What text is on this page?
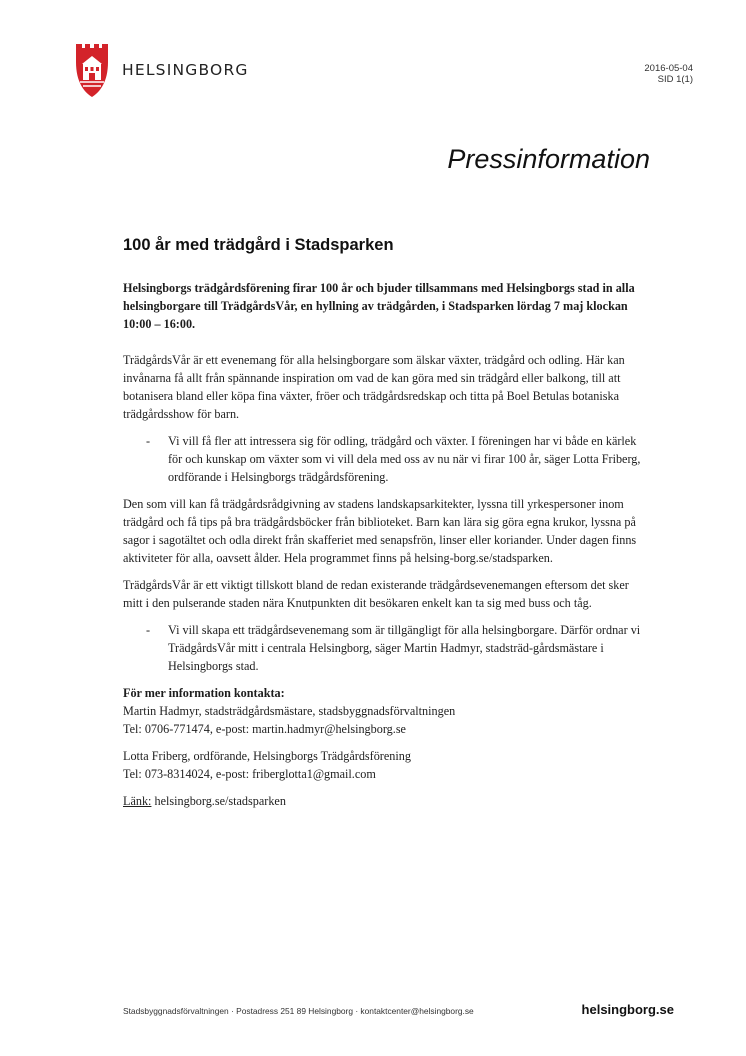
HELSINGBORG	2016-05-04
SID 1(1)
Pressinformation
100 år med trädgård i Stadsparken

Helsingborgs trädgårdsförening firar 100 år och bjuder tillsammans med Helsingborgs stad in alla helsingborgare till TrädgårdsVår, en hyllning av trädgården, i Stadsparken lördag 7 maj klockan 10:00 – 16:00.

TrädgårdsVår är ett evenemang för alla helsingborgare som älskar växter, trädgård och odling. Här kan invånarna få allt från spännande inspiration om vad de kan göra med sin trädgård eller balkong, till att botanisera bland eller köpa fina växter, fröer och trädgårdsredskap och titta på Boel Betulas botaniska trädgårdsshow för barn.

- Vi vill få fler att intressera sig för odling, trädgård och växter. I föreningen har vi både en kärlek för och kunskap om växter som vi vill dela med oss av nu när vi firar 100 år, säger Lotta Friberg, ordförande i Helsingborgs trädgårdsförening.

Den som vill kan få trädgårdsrådgivning av stadens landskapsarkitekter, lyssna till yrkespersoner inom trädgård och få tips på bra trädgårdsböcker från biblioteket. Barn kan lära sig göra egna krukor, lyssna på sagor i sagotältet och odla direkt från skafferiet med senapsfrön, linser eller koriander. Under dagen finns aktiviteter för alla, oavsett ålder. Hela programmet finns på helsing-borg.se/stadsparken.

TrädgårdsVår är ett viktigt tillskott bland de redan existerande trädgårdsevenemangen eftersom det sker mitt i den pulserande staden nära Knutpunkten dit besökaren enkelt kan ta sig med buss och tåg.

- Vi vill skapa ett trädgårdsevenemang som är tillgängligt för alla helsingborgare. Därför ordnar vi TrädgårdsVår mitt i centrala Helsingborg, säger Martin Hadmyr, stadsträd-gårdsmästare i Helsingborgs stad.

För mer information kontakta:
Martin Hadmyr, stadsträdgårdsmästare, stadsbyggnadsförvaltningen
Tel: 0706-771474, e-post: martin.hadmyr@helsingborg.se
Lotta Friberg, ordförande, Helsingborgs Trädgårdsförening
Tel: 073-8314024, e-post: friberglotta1@gmail.com
Länk: helsingborg.se/stadsparken
Stadsbyggnadsförvaltningen · Postadress 251 89 Helsingborg · kontaktcenter@helsingborg.se	helsingborg.se
